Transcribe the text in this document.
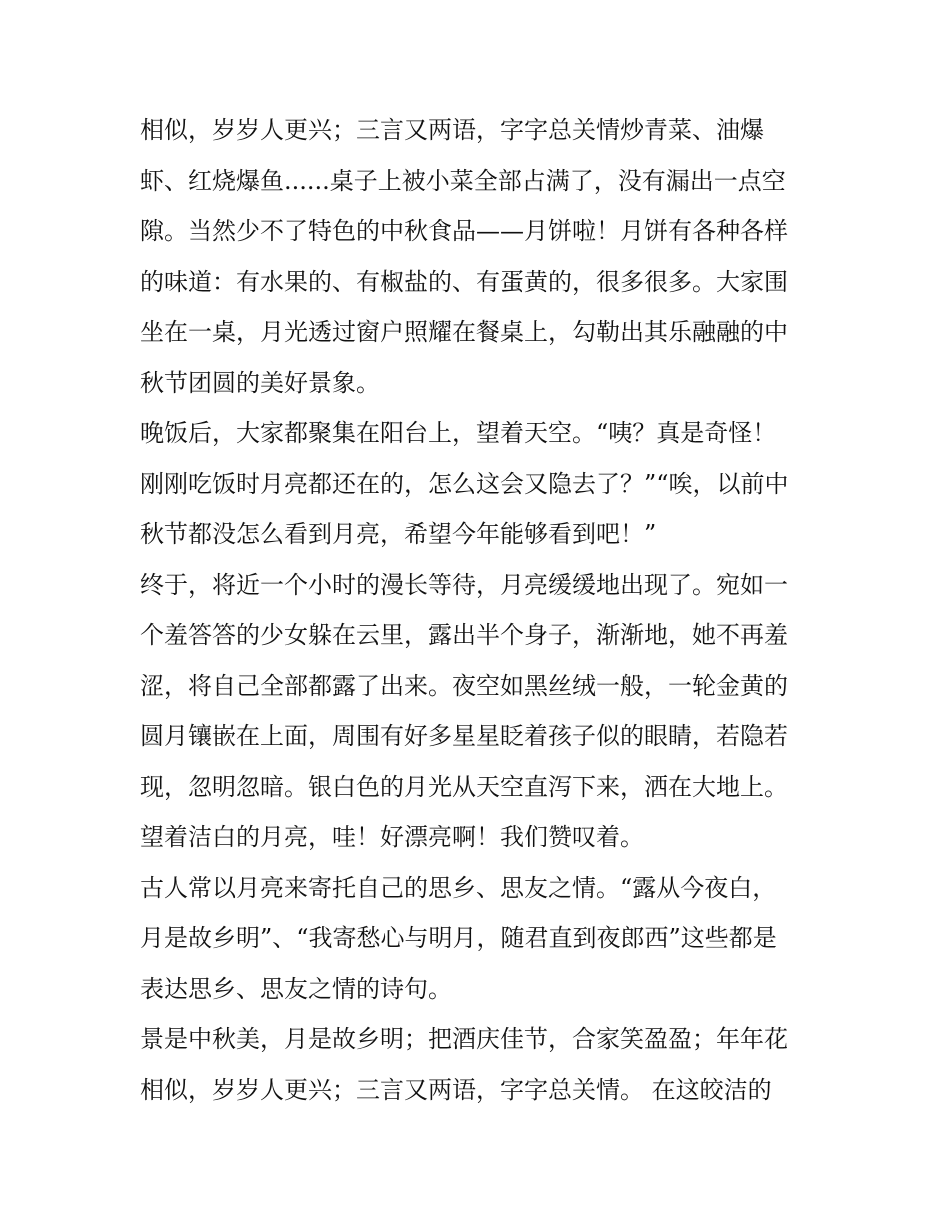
相似，岁岁人更兴；三言又两语，字字总关情炒青菜、油爆

虾、红烧爆鱼......桌子上被小菜全部占满了，没有漏出一点空

隙。当然少不了特色的中秋食品——月饼啦！月饼有各种各样

的味道：有水果的、有椒盐的、有蛋黄的，很多很多。大家围

坐在一桌，月光透过窗户照耀在餐桌上，勾勒出其乐融融的中

秋节团圆的美好景象。

晚饭后，大家都聚集在阳台上，望着天空。“咦？真是奇怪！

刚刚吃饭时月亮都还在的，怎么这会又隐去了？”“唉，以前中

秋节都没怎么看到月亮，希望今年能够看到吧！”

终于，将近一个小时的漫长等待，月亮缓缓地出现了。宛如一

个羞答答的少女躲在云里，露出半个身子，渐渐地，她不再羞

涩，将自己全部都露了出来。夜空如黑丝绒一般，一轮金黄的

圆月镶嵌在上面，周围有好多星星眨着孩子似的眼睛，若隐若

现，忽明忽暗。银白色的月光从天空直泻下来，洒在大地上。

望着洁白的月亮，哇！好漂亮啊！我们赞叹着。

古人常以月亮来寄托自己的思乡、思友之情。“露从今夜白，

月是故乡明”、“我寄愁心与明月，随君直到夜郎西”这些都是

表达思乡、思友之情的诗句。

景是中秋美，月是故乡明；把酒庆佳节，合家笑盈盈；年年花

相似，岁岁人更兴；三言又两语，字字总关情。 在这皎洁的
